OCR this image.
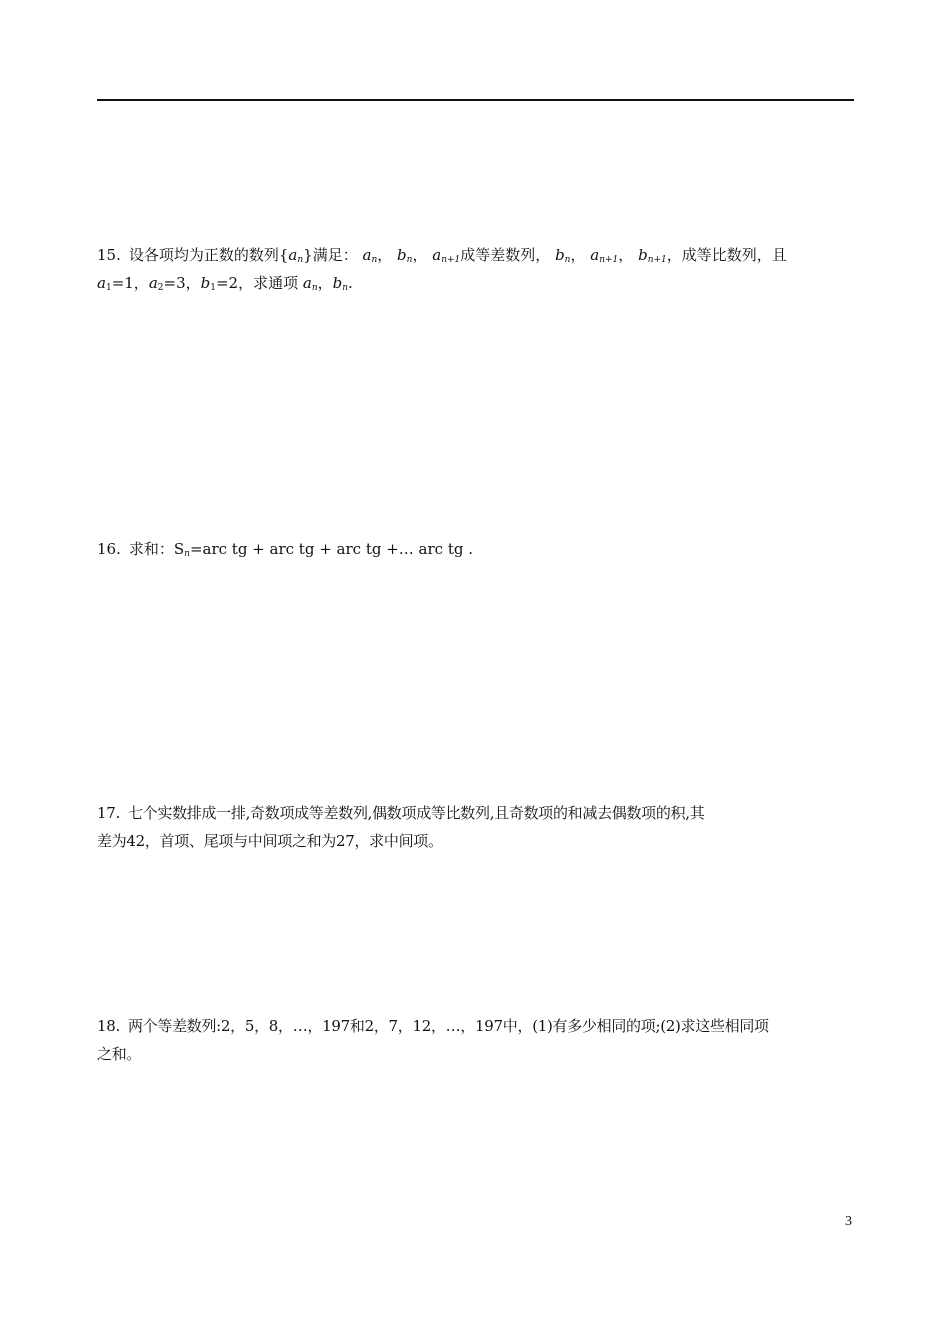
15. 设各项均为正数的数列$\{a_n\}$满足： $a_n$， $b_n$， $a_{n+1}$成等差数列， $b_n$， $a_{n+1}$， $b_{n+1}$，成等比数列，且
$a_1=1$，$a_2=3$，$b_1=2$，求通项 $a_n$，$b_n$.
16. 求和：$S_n=arc$ tg + arc tg + arc tg +… arc tg .
17. 七个实数排成一排,奇数项成等差数列,偶数项成等比数列,且奇数项的和减去偶数项的积,其
差为42，首项、尾项与中间项之和为27，求中间项。
18. 两个等差数列:2，5，8，…，197和2，7，12，…，197中，(1)有多少相同的项;(2)求这些相同项
之和。
3
